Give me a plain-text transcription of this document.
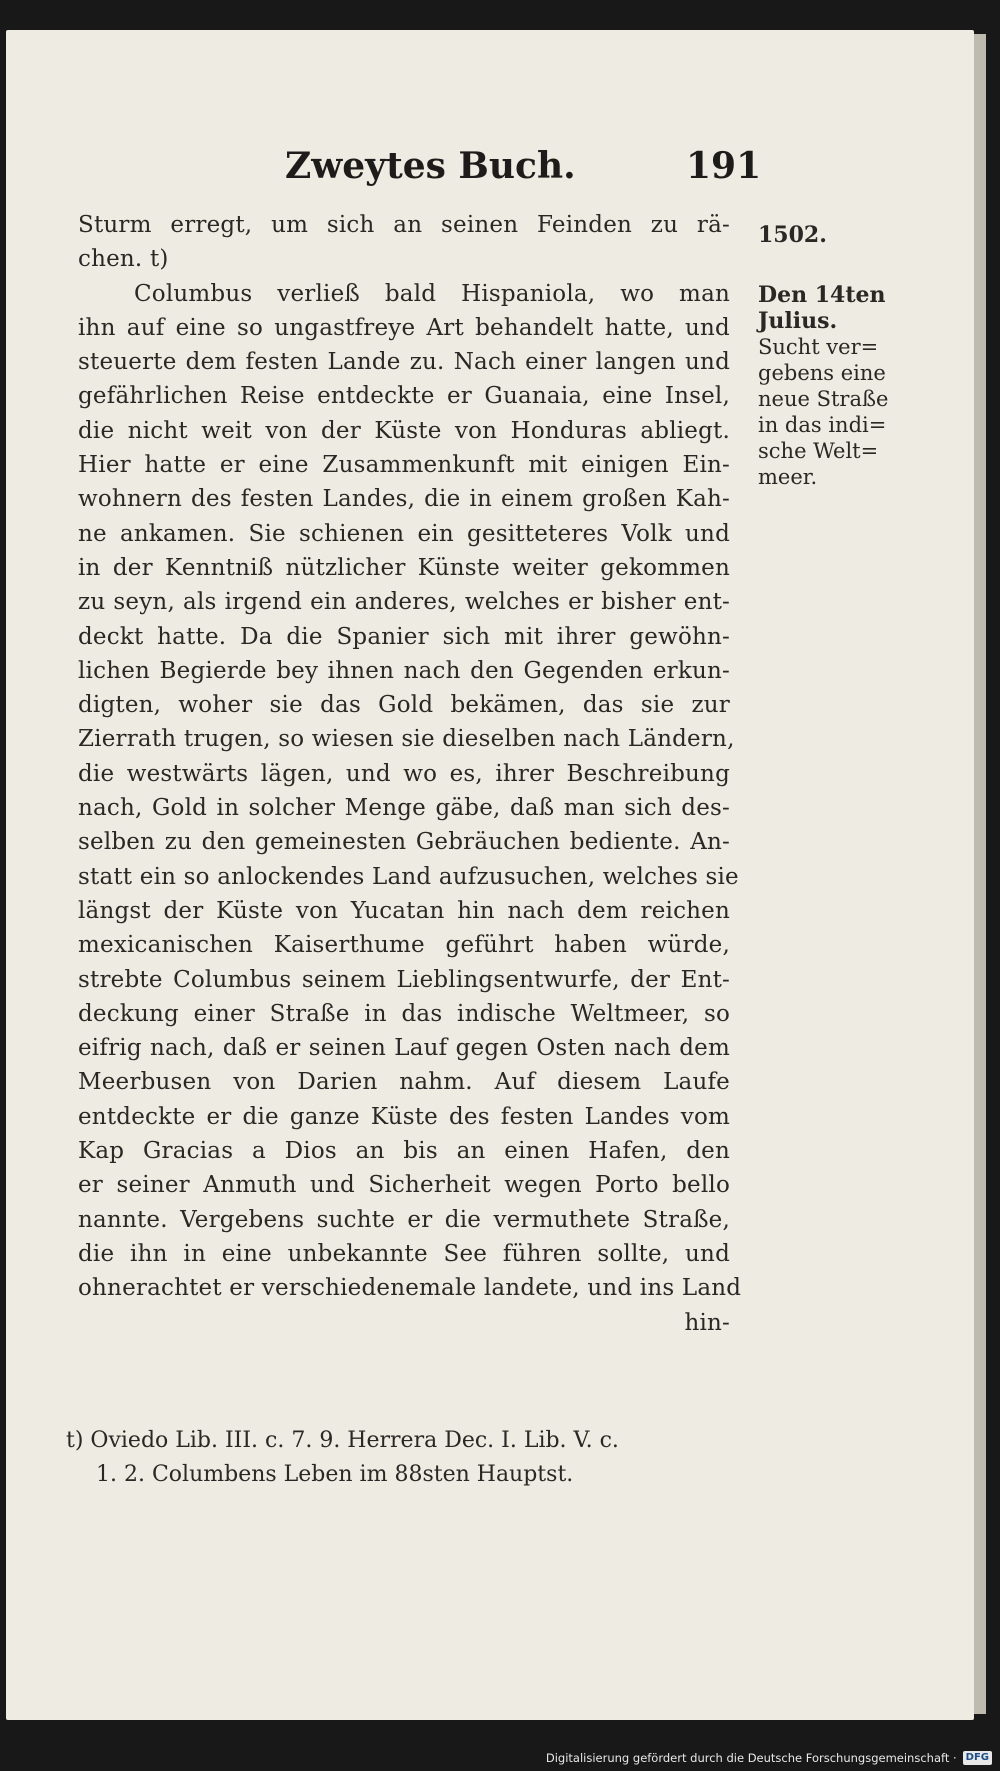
Zweytes Buch.	191
Sturm erregt, um sich an seinen Feinden zu rä-
chen. t)
Columbus verließ bald Hispaniola, wo man
ihn auf eine so ungastfreye Art behandelt hatte, und
steuerte dem festen Lande zu. Nach einer langen und
gefährlichen Reise entdeckte er Guanaia, eine Insel,
die nicht weit von der Küste von Honduras abliegt.
Hier hatte er eine Zusammenkunft mit einigen Ein-
wohnern des festen Landes, die in einem großen Kah-
ne ankamen. Sie schienen ein gesitteteres Volk und
in der Kenntniß nützlicher Künste weiter gekommen
zu seyn, als irgend ein anderes, welches er bisher ent-
deckt hatte. Da die Spanier sich mit ihrer gewöhn-
lichen Begierde bey ihnen nach den Gegenden erkun-
digten, woher sie das Gold bekämen, das sie zur
Zierrath trugen, so wiesen sie dieselben nach Ländern,
die westwärts lägen, und wo es, ihrer Beschreibung
nach, Gold in solcher Menge gäbe, daß man sich des-
selben zu den gemeinesten Gebräuchen bediente. An-
statt ein so anlockendes Land aufzusuchen, welches sie
längst der Küste von Yucatan hin nach dem reichen
mexicanischen Kaiserthume geführt haben würde,
strebte Columbus seinem Lieblingsentwurfe, der Ent-
deckung einer Straße in das indische Weltmeer, so
eifrig nach, daß er seinen Lauf gegen Osten nach dem
Meerbusen von Darien nahm. Auf diesem Laufe
entdeckte er die ganze Küste des festen Landes vom
Kap Gracias a Dios an bis an einen Hafen, den
er seiner Anmuth und Sicherheit wegen Porto bello
nannte. Vergebens suchte er die vermuthete Straße,
die ihn in eine unbekannte See führen sollte, und
ohnerachtet er verschiedenemale landete, und ins Land
hin-
1502.
Den 14ten
Julius.
Sucht ver=
gebens eine
neue Straße
in das indi=
sche Welt=
meer.
t) Oviedo Lib. III. c. 7. 9. Herrera Dec. I. Lib. V. c.
1. 2. Columbens Leben im 88sten Hauptst.
Digitalisierung gefördert durch die Deutsche Forschungsgemeinschaft · DFG
